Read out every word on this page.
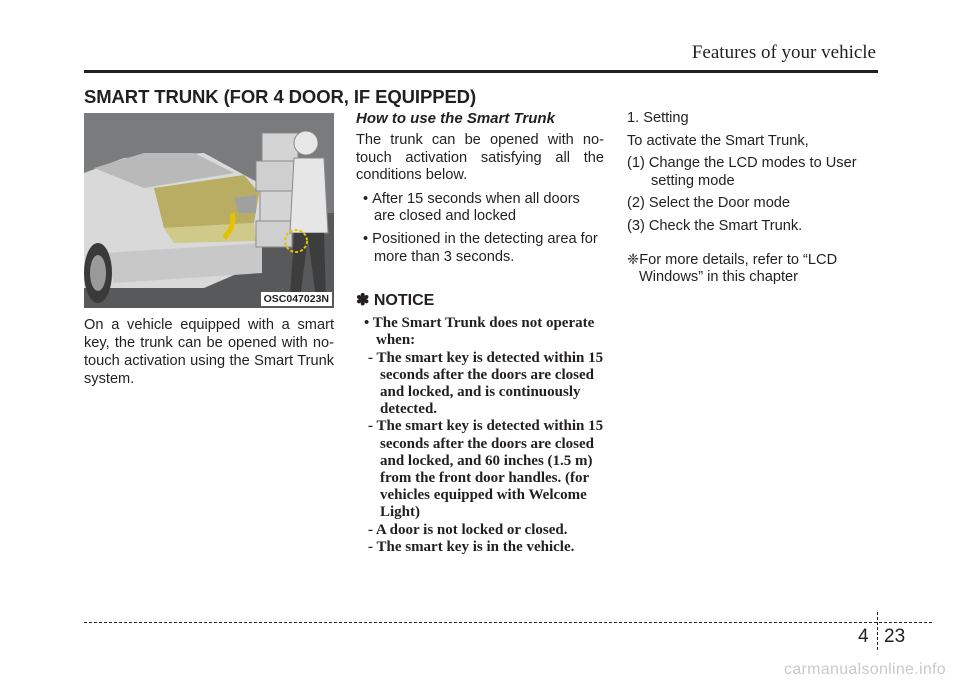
Features of your vehicle
SMART TRUNK (FOR 4 DOOR, IF EQUIPPED)
OSC047023N
On a vehicle equipped with a smart key, the trunk can be opened with no-touch activation using the Smart Trunk system.
How to use the Smart Trunk

The trunk can be opened with no-touch activation satisfying all the conditions below.

• After 15 seconds when all doors are closed and locked
• Positioned in the detecting area for more than 3 seconds.
✽ NOTICE
• The Smart Trunk does not operate when:
- The smart key is detected within 15 seconds after the doors are closed and locked, and is continuously detected.
- The smart key is detected within 15 seconds after the doors are closed and locked, and 60 inches (1.5 m) from the front door handles. (for vehicles equipped with Welcome Light)
- A door is not locked or closed.
- The smart key is in the vehicle.

1. Setting

To activate the Smart Trunk,

(1) Change the LCD modes to User setting mode

(2) Select the Door mode

(3) Check the Smart Trunk.

❈For more details, refer to “LCD Windows” in this chapter

4 23
carmanualsonline.info
